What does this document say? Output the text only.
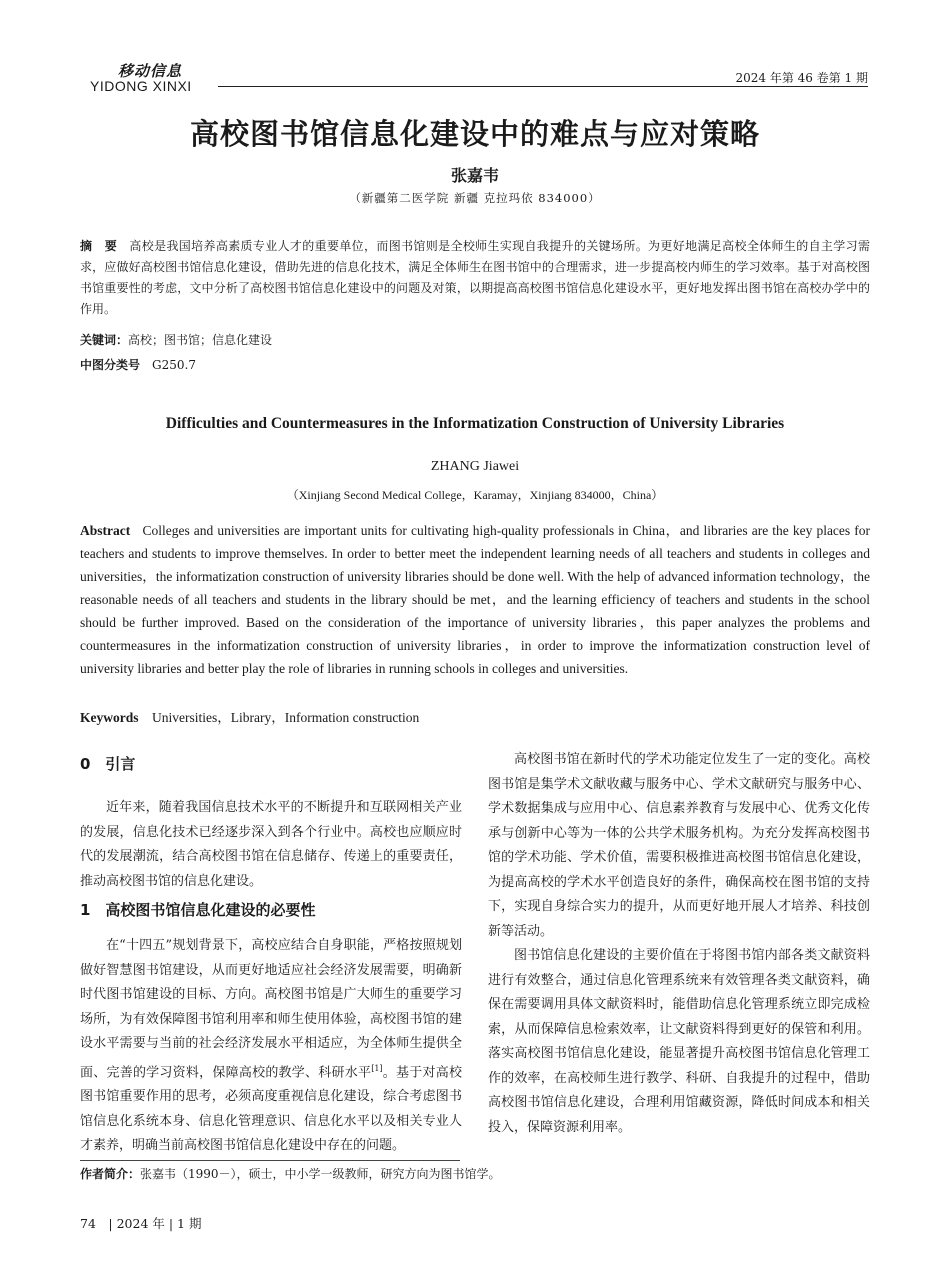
移动信息
YIDONG XINXI	2024 年第 46 卷第 1 期
高校图书馆信息化建设中的难点与应对策略
张嘉韦
（新疆第二医学院 新疆 克拉玛依 834000）
摘　要　 高校是我国培养高素质专业人才的重要单位，而图书馆则是全校师生实现自我提升的关键场所。为更好地满足高校全体师生的自主学习需求，应做好高校图书馆信息化建设，借助先进的信息化技术，满足全体师生在图书馆中的合理需求，进一步提高校内师生的学习效率。基于对高校图书馆重要性的考虑，文中分析了高校图书馆信息化建设中的问题及对策，以期提高高校图书馆信息化建设水平，更好地发挥出图书馆在高校办学中的作用。
关键词：高校；图书馆；信息化建设
中图分类号　 G250.7
Difficulties and Countermeasures in the Informatization Construction of University Libraries
ZHANG Jiawei
（Xinjiang Second Medical College，Karamay，Xinjiang 834000，China）
Abstract Colleges and universities are important units for cultivating high-quality professionals in China，and libraries are the key places for teachers and students to improve themselves. In order to better meet the independent learning needs of all teachers and students in colleges and universities，the informatization construction of university libraries should be done well. With the help of advanced information technology，the reasonable needs of all teachers and students in the library should be met，and the learning efficiency of teachers and students in the school should be further improved. Based on the consideration of the importance of university libraries，this paper analyzes the problems and countermeasures in the informatization construction of university libraries，in order to improve the informatization construction level of university libraries and better play the role of libraries in running schools in colleges and universities.
Keywords Universities，Library，Information construction
0　引言

近年来，随着我国信息技术水平的不断提升和互联网相关产业的发展，信息化技术已经逐步深入到各个行业中。高校也应顺应时代的发展潮流，结合高校图书馆在信息储存、传递上的重要责任，推动高校图书馆的信息化建设。

1　高校图书馆信息化建设的必要性

在“十四五”规划背景下，高校应结合自身职能，严格按照规划做好智慧图书馆建设，从而更好地适应社会经济发展需要，明确新时代图书馆建设的目标、方向。高校图书馆是广大师生的重要学习场所，为有效保障图书馆利用率和师生使用体验，高校图书馆的建设水平需要与当前的社会经济发展水平相适应，为全体师生提供全面、完善的学习资料，保障高校的教学、科研水平[1]。基于对高校图书馆重要作用的思考，必须高度重视信息化建设，综合考虑图书馆信息化系统本身、信息化管理意识、信息化水平以及相关专业人才素养，明确当前高校图书馆信息化建设中存在的问题。

高校图书馆在新时代的学术功能定位发生了一定的变化。高校图书馆是集学术文献收藏与服务中心、学术文献研究与服务中心、学术数据集成与应用中心、信息素养教育与发展中心、优秀文化传承与创新中心等为一体的公共学术服务机构。为充分发挥高校图书馆的学术功能、学术价值，需要积极推进高校图书馆信息化建设，为提高高校的学术水平创造良好的条件，确保高校在图书馆的支持下，实现自身综合实力的提升，从而更好地开展人才培养、科技创新等活动。

图书馆信息化建设的主要价值在于将图书馆内部各类文献资料进行有效整合，通过信息化管理系统来有效管理各类文献资料，确保在需要调用具体文献资料时，能借助信息化管理系统立即完成检索，从而保障信息检索效率，让文献资料得到更好的保管和利用。落实高校图书馆信息化建设，能显著提升高校图书馆信息化管理工作的效率，在高校师生进行教学、科研、自我提升的过程中，借助高校图书馆信息化建设，合理利用馆藏资源，降低时间成本和相关投入，保障资源利用率。

作者简介：张嘉韦（1990－），硕士，中小学一级教师，研究方向为图书馆学。
74　| 2024 年 | 1 期
